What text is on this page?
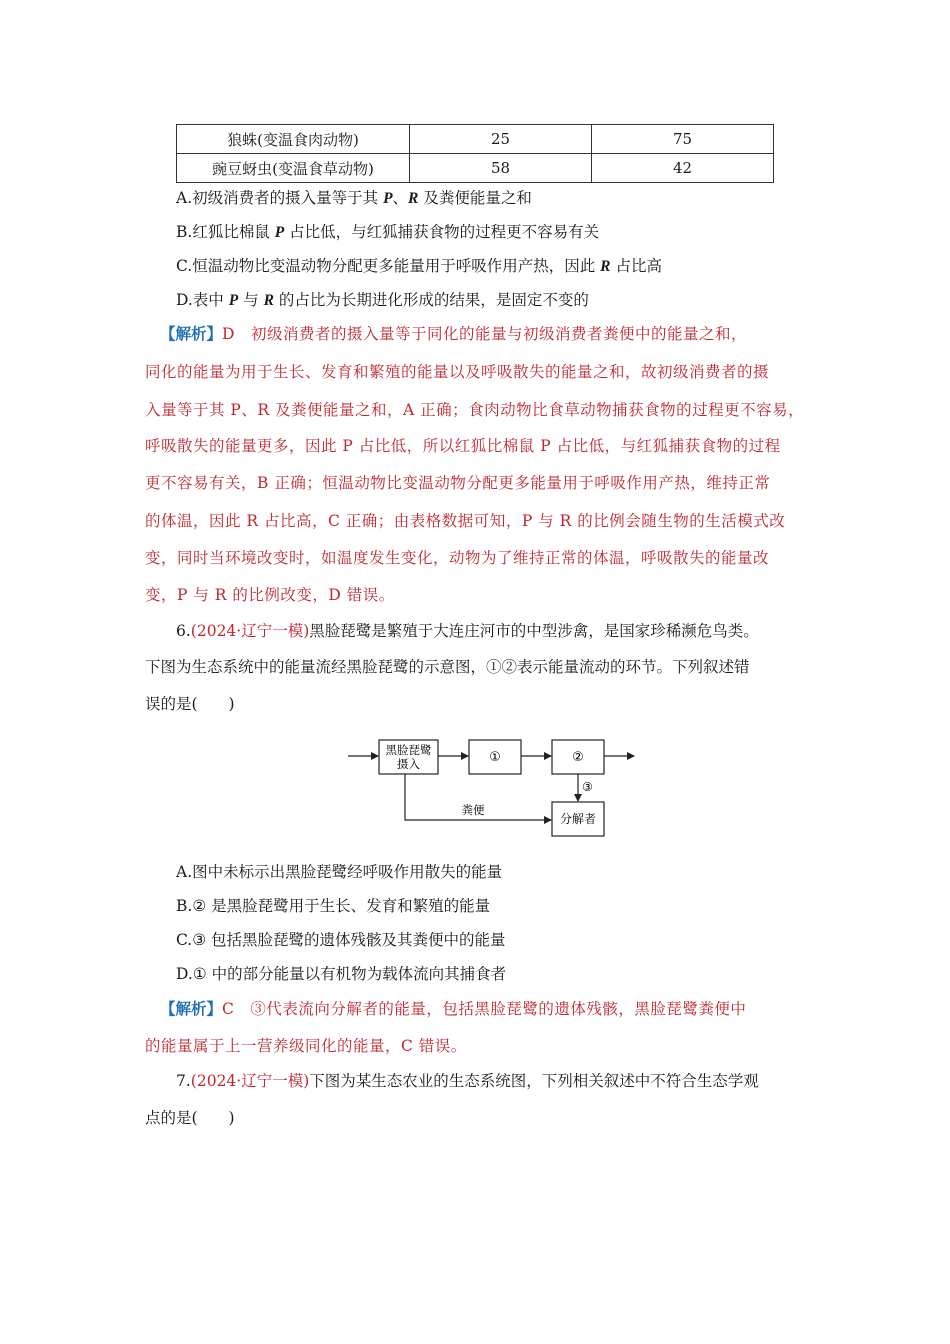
狼蛛(变温食肉动物)	25	75
豌豆蚜虫(变温食草动物)	58	42
A.初级消费者的摄入量等于其 P、R 及粪便能量之和
B.红狐比棉鼠 P 占比低，与红狐捕获食物的过程更不容易有关
C.恒温动物比变温动物分配更多能量用于呼吸作用产热，因此 R 占比高
D.表中 P 与 R 的占比为长期进化形成的结果，是固定不变的
【解析】D　初级消费者的摄入量等于同化的能量与初级消费者粪便中的能量之和，
同化的能量为用于生长、发育和繁殖的能量以及呼吸散失的能量之和，故初级消费者的摄
入量等于其 P、R 及粪便能量之和，A 正确；食肉动物比食草动物捕获食物的过程更不容易，
呼吸散失的能量更多，因此 P 占比低，所以红狐比棉鼠 P 占比低，与红狐捕获食物的过程
更不容易有关，B 正确；恒温动物比变温动物分配更多能量用于呼吸作用产热，维持正常
的体温，因此 R 占比高，C 正确；由表格数据可知，P 与 R 的比例会随生物的生活模式改
变，同时当环境改变时，如温度发生变化，动物为了维持正常的体温，呼吸散失的能量改
变，P 与 R 的比例改变，D 错误。
6.(2024·辽宁一模)黑脸琵鹭是繁殖于大连庄河市的中型涉禽，是国家珍稀濒危鸟类。
下图为生态系统中的能量流经黑脸琵鹭的示意图，①②表示能量流动的环节。下列叙述错
误的是(　　)
黑脸琵鹭
摄入	①	②
③
粪便
分解者
A.图中未标示出黑脸琵鹭经呼吸作用散失的能量
B.② 是黑脸琵鹭用于生长、发育和繁殖的能量
C.③ 包括黑脸琵鹭的遗体残骸及其粪便中的能量
D.① 中的部分能量以有机物为载体流向其捕食者
【解析】C　③代表流向分解者的能量，包括黑脸琵鹭的遗体残骸，黑脸琵鹭粪便中
的能量属于上一营养级同化的能量，C 错误。
7.(2024·辽宁一模)下图为某生态农业的生态系统图，下列相关叙述中不符合生态学观
点的是(　　)
